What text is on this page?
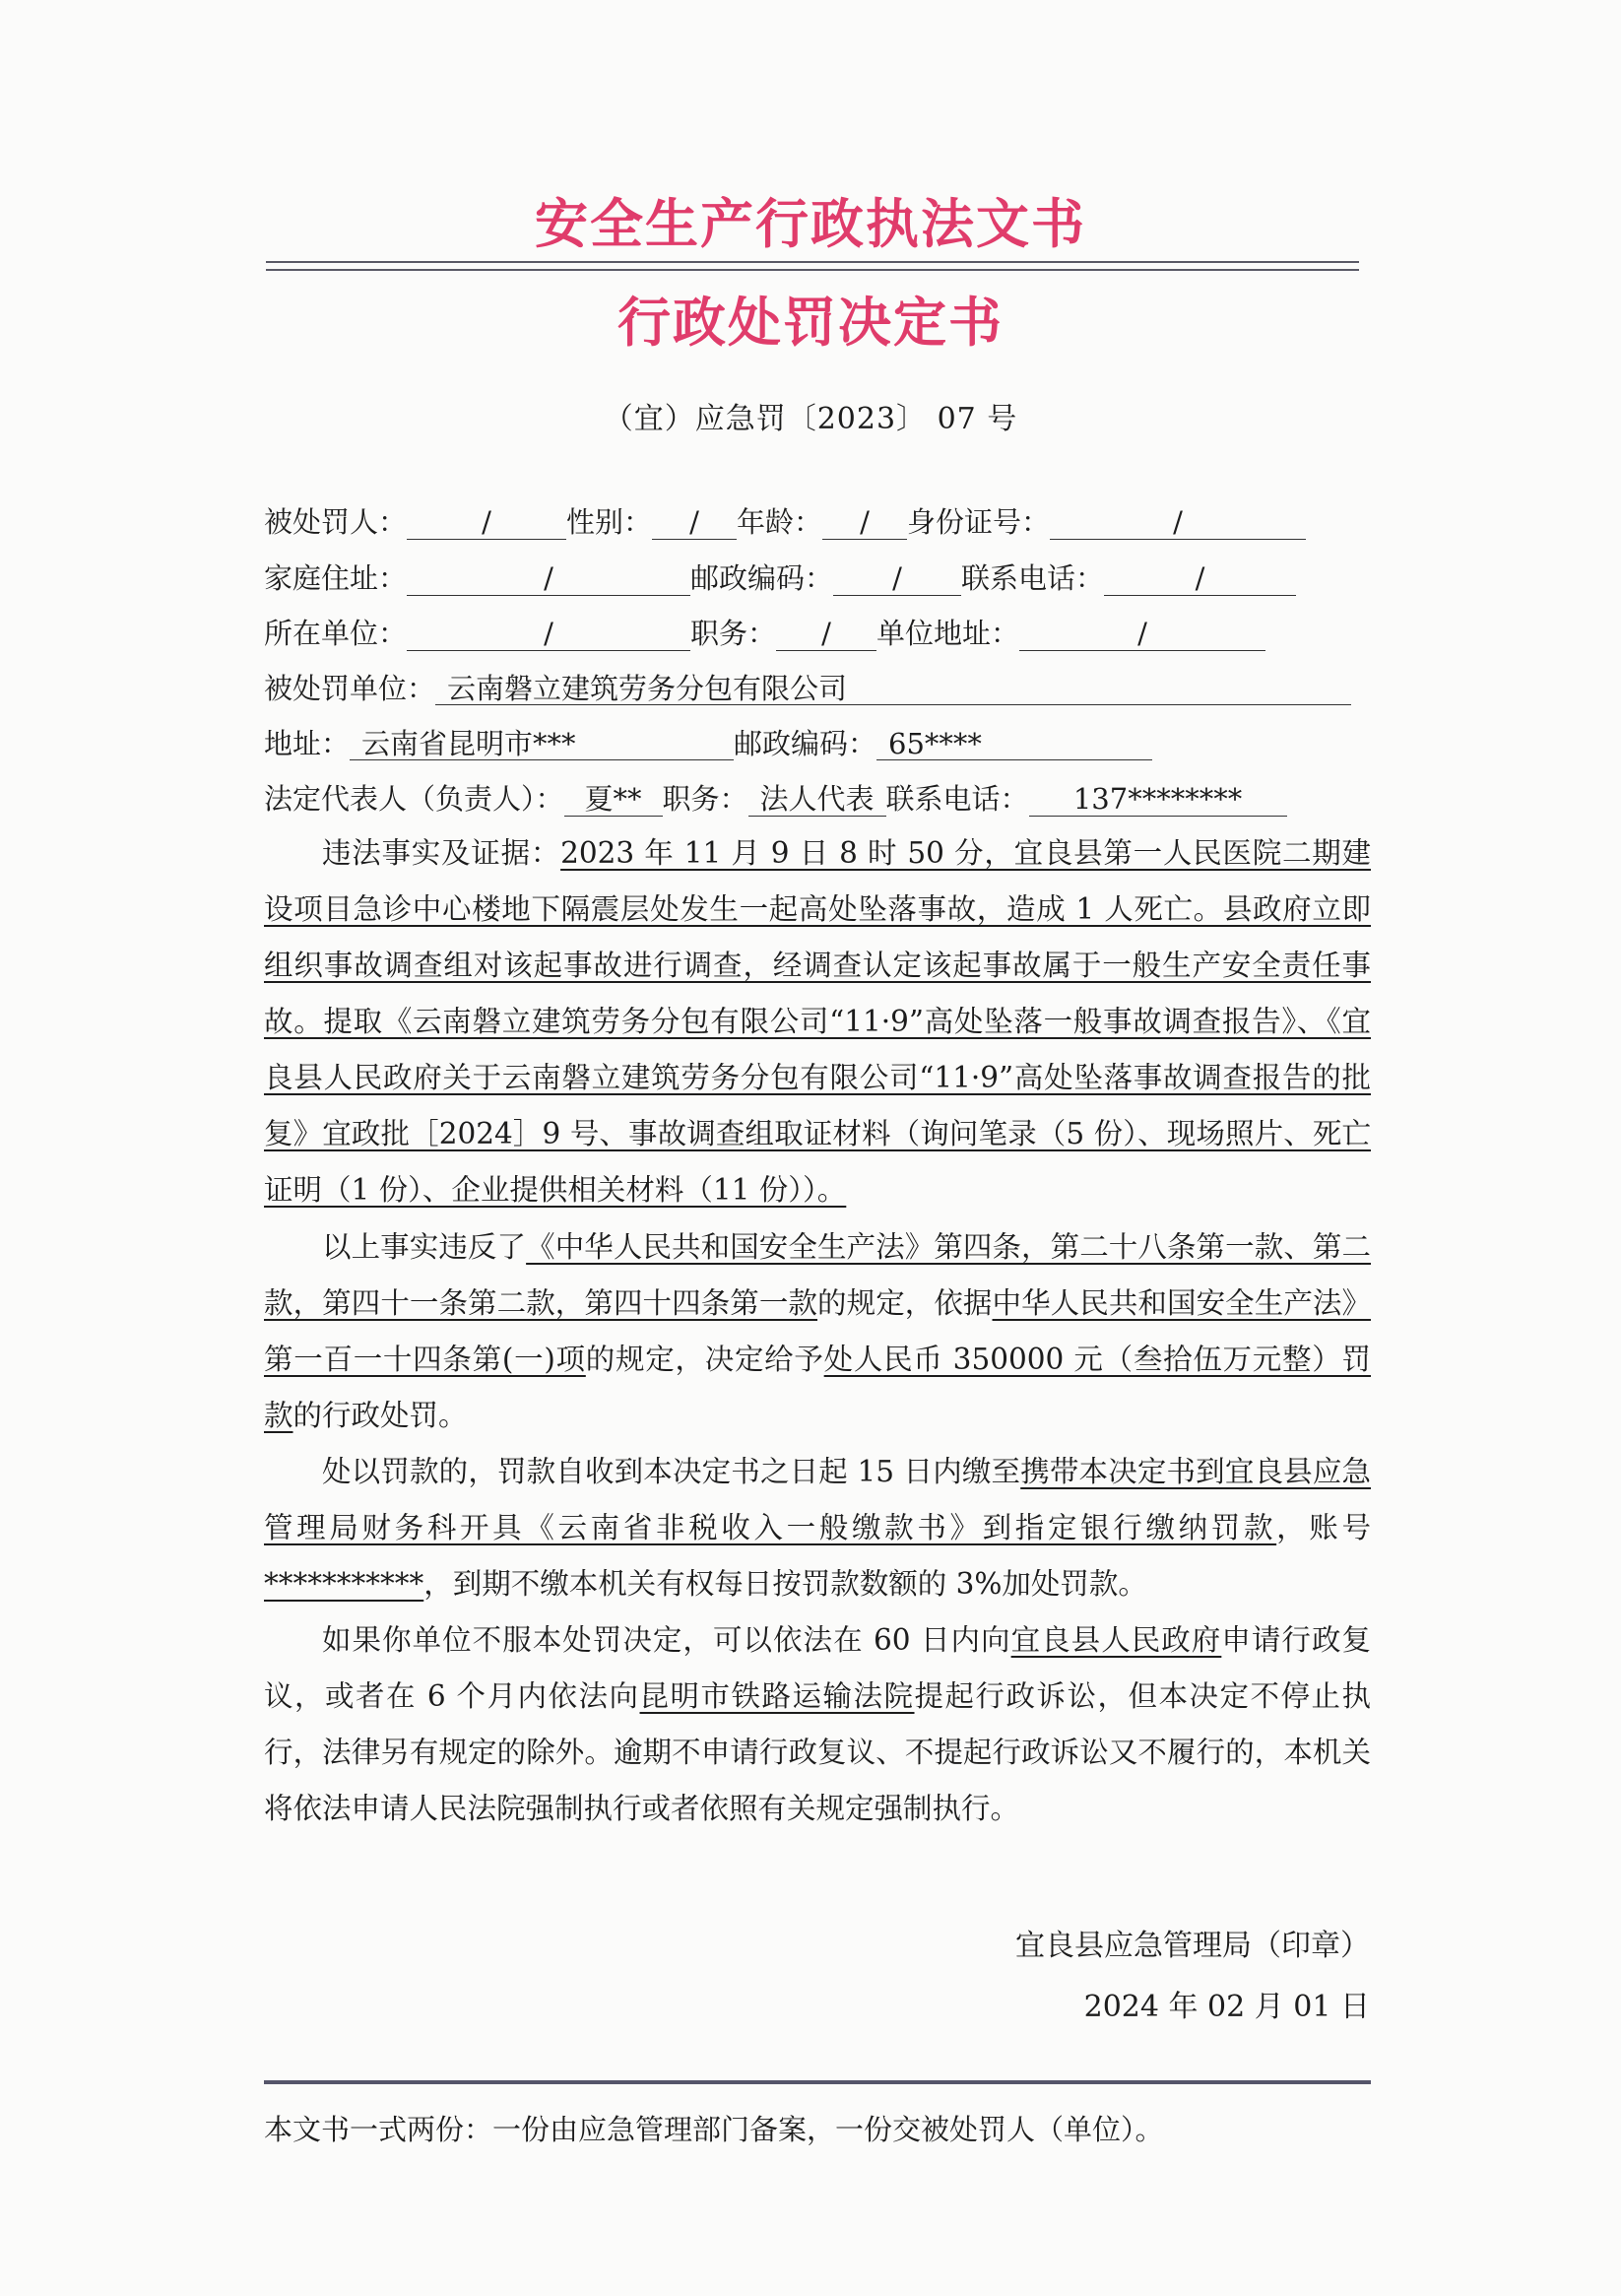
安全生产行政执法文书
行政处罚决定书
（宜）应急罚〔2023〕 07 号
被处罚人：	/	性别： / 年龄： / 身份证号：	/
家庭住址：	/	邮政编码： / 联系电话：	/
所在单位：	/	职务： / 单位地址：	/
被处罚单位： 云南磐立建筑劳务分包有限公司
地址： 云南省昆明市***	邮政编码： 65****
法定代表人（负责人）： 夏** 职务： 法人代表 联系电话： 137********
违法事实及证据：2023 年 11 月 9 日 8 时 50 分，宜良县第一人民医院二期建设项目急诊中心楼地下隔震层处发生一起高处坠落事故，造成 1 人死亡。县政府立即组织事故调查组对该起事故进行调查，经调查认定该起事故属于一般生产安全责任事故。提取《云南磐立建筑劳务分包有限公司“11·9”高处坠落一般事故调查报告》、《宜良县人民政府关于云南磐立建筑劳务分包有限公司“11·9”高处坠落事故调查报告的批复》宜政批［2024］9 号、事故调查组取证材料（询问笔录（5 份）、现场照片、死亡证明（1 份）、企业提供相关材料（11 份））。
以上事实违反了《中华人民共和国安全生产法》第四条，第二十八条第一款、第二款，第四十一条第二款，第四十四条第一款的规定，依据中华人民共和国安全生产法》第一百一十四条第(一)项的规定，决定给予处人民币 350000 元（叁拾伍万元整）罚款的行政处罚。
处以罚款的，罚款自收到本决定书之日起 15 日内缴至携带本决定书到宜良县应急管理局财务科开具《云南省非税收入一般缴款书》到指定银行缴纳罚款，账号***********，到期不缴本机关有权每日按罚款数额的 3%加处罚款。
如果你单位不服本处罚决定，可以依法在 60 日内向宜良县人民政府申请行政复议，或者在 6 个月内依法向昆明市铁路运输法院提起行政诉讼，但本决定不停止执行，法律另有规定的除外。逾期不申请行政复议、不提起行政诉讼又不履行的，本机关将依法申请人民法院强制执行或者依照有关规定强制执行。
宜良县应急管理局（印章）
2024 年 02 月 01 日
本文书一式两份：一份由应急管理部门备案，一份交被处罚人（单位）。
